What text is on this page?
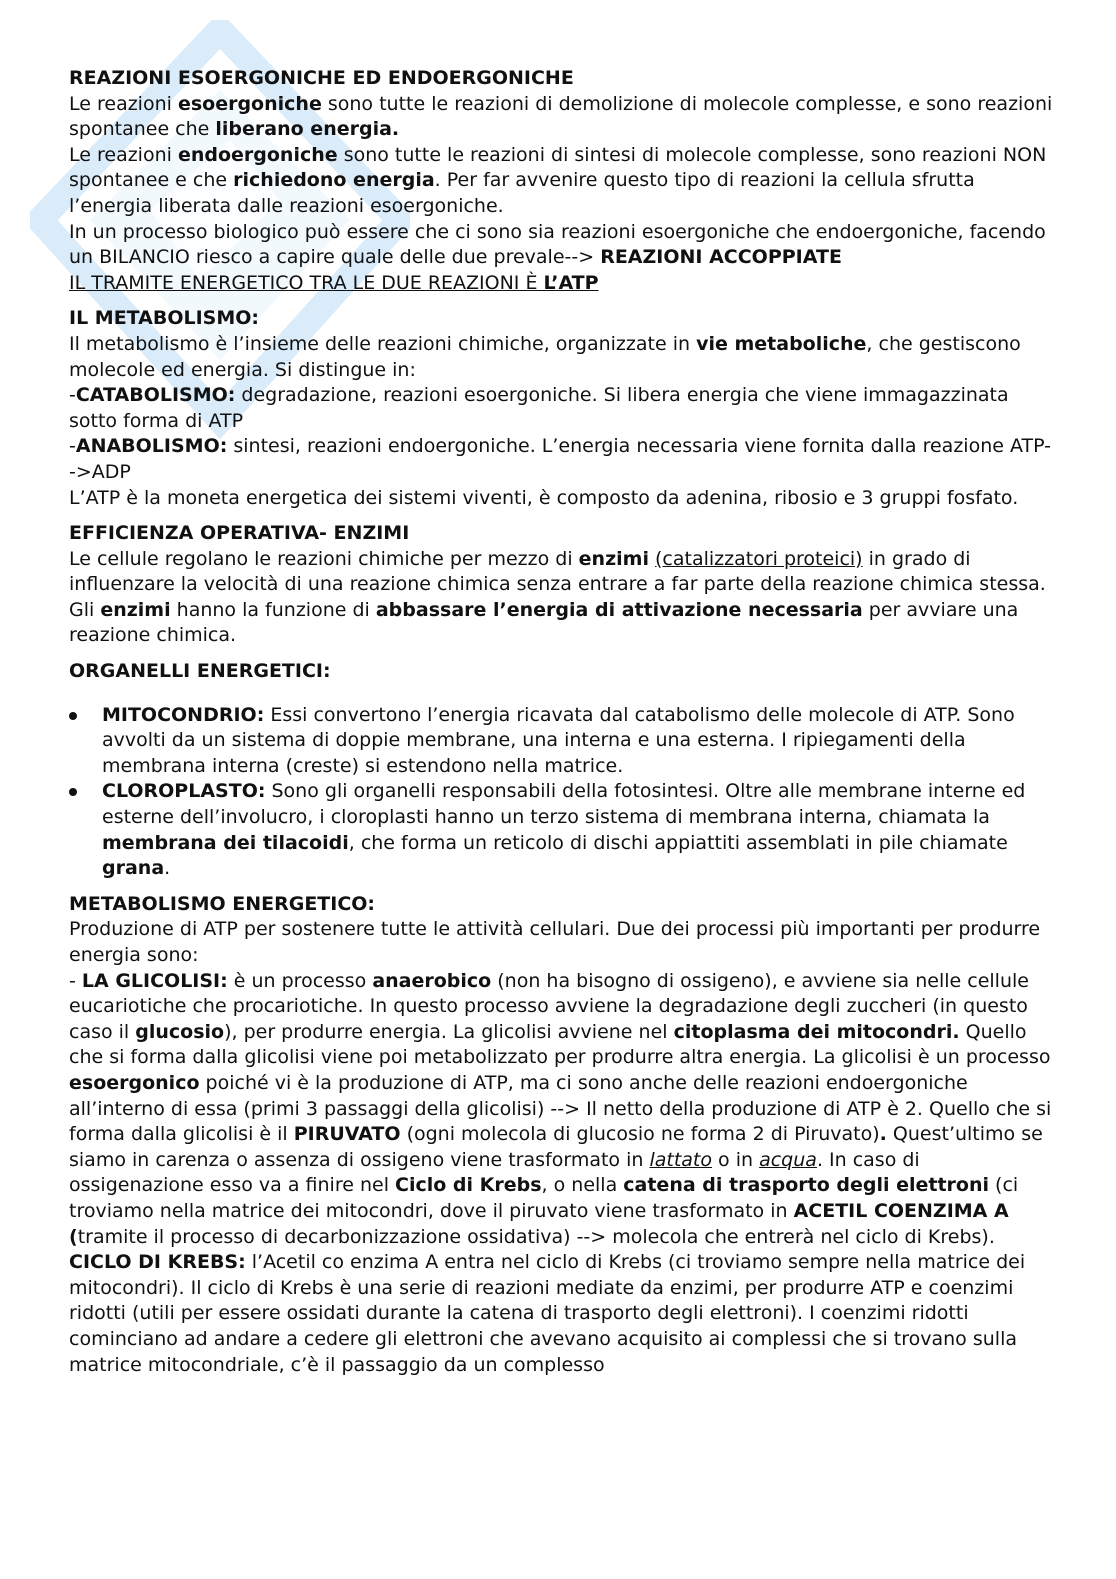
REAZIONI ESOERGONICHE ED ENDOERGONICHE

Le reazioni esoergoniche sono tutte le reazioni di demolizione di molecole complesse, e sono reazioni spontanee che liberano energia.

Le reazioni endoergoniche sono tutte le reazioni di sintesi di molecole complesse, sono reazioni NON spontanee e che richiedono energia. Per far avvenire questo tipo di reazioni la cellula sfrutta l’energia liberata dalle reazioni esoergoniche.

In un processo biologico può essere che ci sono sia reazioni esoergoniche che endoergoniche, facendo un BILANCIO riesco a capire quale delle due prevale--> REAZIONI ACCOPPIATE

IL TRAMITE ENERGETICO TRA LE DUE REAZIONI È L’ATP

IL METABOLISMO:

Il metabolismo è l’insieme delle reazioni chimiche, organizzate in vie metaboliche, che gestiscono molecole ed energia. Si distingue in:

-CATABOLISMO: degradazione, reazioni esoergoniche. Si libera energia che viene immagazzinata sotto forma di ATP

-ANABOLISMO: sintesi, reazioni endoergoniche. L’energia necessaria viene fornita dalla reazione ATP-->ADP

L’ATP è la moneta energetica dei sistemi viventi, è composto da adenina, ribosio e 3 gruppi fosfato.

EFFICIENZA OPERATIVA- ENZIMI

Le cellule regolano le reazioni chimiche per mezzo di enzimi (catalizzatori proteici) in grado di influenzare la velocità di una reazione chimica senza entrare a far parte della reazione chimica stessa. Gli enzimi hanno la funzione di abbassare l’energia di attivazione necessaria per avviare una reazione chimica.

ORGANELLI ENERGETICI:

MITOCONDRIO: Essi convertono l’energia ricavata dal catabolismo delle molecole di ATP. Sono avvolti da un sistema di doppie membrane, una interna e una esterna. I ripiegamenti della membrana interna (creste) si estendono nella matrice.
CLOROPLASTO: Sono gli organelli responsabili della fotosintesi. Oltre alle membrane interne ed esterne dell’involucro, i cloroplasti hanno un terzo sistema di membrana interna, chiamata la membrana dei tilacoidi, che forma un reticolo di dischi appiattiti assemblati in pile chiamate grana.

METABOLISMO ENERGETICO:

Produzione di ATP per sostenere tutte le attività cellulari. Due dei processi più importanti per produrre energia sono:

- LA GLICOLISI: è un processo anaerobico (non ha bisogno di ossigeno), e avviene sia nelle cellule eucariotiche che procariotiche. In questo processo avviene la degradazione degli zuccheri (in questo caso il glucosio), per produrre energia. La glicolisi avviene nel citoplasma dei mitocondri. Quello che si forma dalla glicolisi viene poi metabolizzato per produrre altra energia. La glicolisi è un processo esoergonico poiché vi è la produzione di ATP, ma ci sono anche delle reazioni endoergoniche all’interno di essa (primi 3 passaggi della glicolisi) --> Il netto della produzione di ATP è 2. Quello che si forma dalla glicolisi è il PIRUVATO (ogni molecola di glucosio ne forma 2 di Piruvato). Quest’ultimo se siamo in carenza o assenza di ossigeno viene trasformato in lattato o in acqua. In caso di ossigenazione esso va a finire nel Ciclo di Krebs, o nella catena di trasporto degli elettroni (ci troviamo nella matrice dei mitocondri, dove il piruvato viene trasformato in ACETIL COENZIMA A (tramite il processo di decarbonizzazione ossidativa) --> molecola che entrerà nel ciclo di Krebs).

CICLO DI KREBS: l’Acetil co enzima A entra nel ciclo di Krebs (ci troviamo sempre nella matrice dei mitocondri). Il ciclo di Krebs è una serie di reazioni mediate da enzimi, per produrre ATP e coenzimi ridotti (utili per essere ossidati durante la catena di trasporto degli elettroni). I coenzimi ridotti cominciano ad andare a cedere gli elettroni che avevano acquisito ai complessi che si trovano sulla matrice mitocondriale, c’è il passaggio da un complesso
